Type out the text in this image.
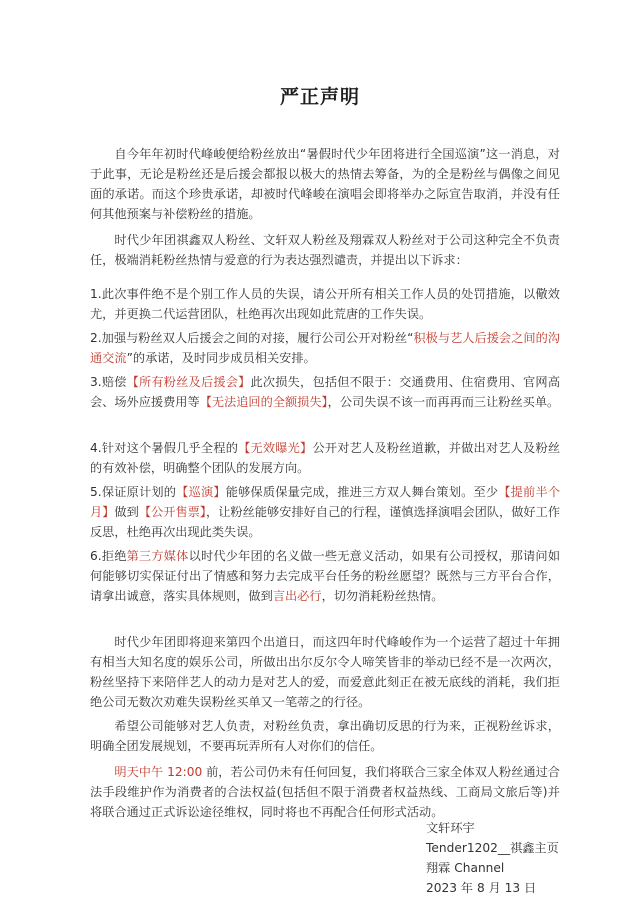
严正声明

自今年年初时代峰峻便给粉丝放出“暑假时代少年团将进行全国巡演”这一消息，对于此事，无论是粉丝还是后援会都报以极大的热情去筹备，为的全是粉丝与偶像之间见面的承诺。而这个珍贵承诺，却被时代峰峻在演唱会即将举办之际宣告取消，并没有任何其他预案与补偿粉丝的措施。

时代少年团祺鑫双人粉丝、文轩双人粉丝及翔霖双人粉丝对于公司这种完全不负责任，极端消耗粉丝热情与爱意的行为表达强烈谴责，并提出以下诉求：

1.此次事件绝不是个别工作人员的失误，请公开所有相关工作人员的处罚措施，以儆效尤，并更换二代运营团队，杜绝再次出现如此荒唐的工作失误。

2.加强与粉丝双人后援会之间的对接，履行公司公开对粉丝“积极与艺人后援会之间的沟通交流”的承诺，及时同步成员相关安排。

3.赔偿【所有粉丝及后援会】此次损失，包括但不限于：交通费用、住宿费用、官网高会、场外应援费用等【无法追回的全额损失】，公司失误不该一而再再而三让粉丝买单。

4.针对这个暑假几乎全程的【无效曝光】公开对艺人及粉丝道歉，并做出对艺人及粉丝的有效补偿，明确整个团队的发展方向。

5.保证原计划的【巡演】能够保质保量完成，推进三方双人舞台策划。至少【提前半个月】做到【公开售票】，让粉丝能够安排好自己的行程，谨慎选择演唱会团队，做好工作反思，杜绝再次出现此类失误。

6.拒绝第三方媒体以时代少年团的名义做一些无意义活动，如果有公司授权，那请问如何能够切实保证付出了情感和努力去完成平台任务的粉丝愿望？既然与三方平台合作，请拿出诚意，落实具体规则，做到言出必行，切勿消耗粉丝热情。

时代少年团即将迎来第四个出道日，而这四年时代峰峻作为一个运营了超过十年拥有相当大知名度的娱乐公司，所做出出尔反尔令人啼笑皆非的举动已经不是一次两次，粉丝坚持下来陪伴艺人的动力是对艺人的爱，而爱意此刻正在被无底线的消耗，我们拒绝公司无数次劝难失误粉丝买单又一笔蒂之的行径。

希望公司能够对艺人负责，对粉丝负责，拿出确切反思的行为来，正视粉丝诉求，明确全团发展规划，不要再玩弄所有人对你们的信任。

明天中午 12:00 前，若公司仍未有任何回复，我们将联合三家全体双人粉丝通过合法手段维护作为消费者的合法权益(包括但不限于消费者权益热线、工商局文旅后等)并将联合通过正式诉讼途径维权，同时将也不再配合任何形式活动。

文轩环宇
Tender1202__祺鑫主页
翔霖 Channel
2023 年 8 月 13 日
